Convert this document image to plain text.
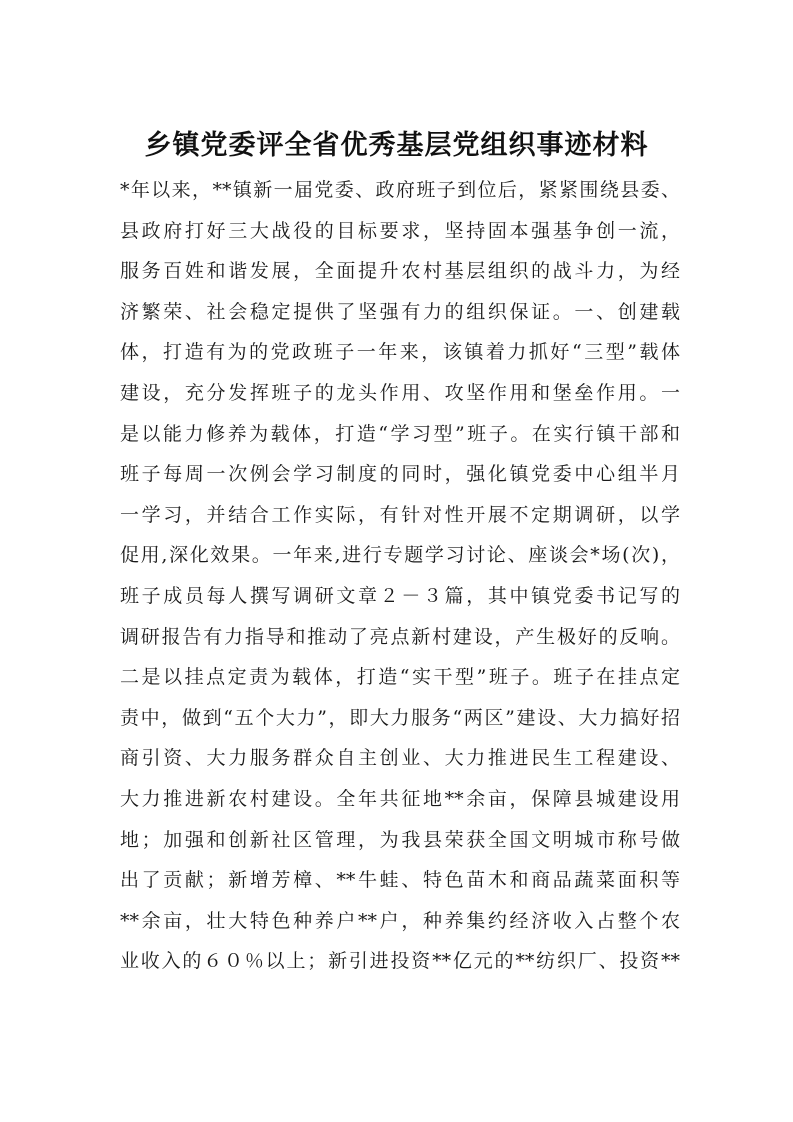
乡镇党委评全省优秀基层党组织事迹材料
*年以来，**镇新一届党委、政府班子到位后，紧紧围绕县委、
县政府打好三大战役的目标要求，坚持固本强基争创一流，
服务百姓和谐发展，全面提升农村基层组织的战斗力，为经
济繁荣、社会稳定提供了坚强有力的组织保证。一、创建载
体，打造有为的党政班子一年来，该镇着力抓好“三型”载体
建设，充分发挥班子的龙头作用、攻坚作用和堡垒作用。一
是以能力修养为载体，打造“学习型”班子。在实行镇干部和
班子每周一次例会学习制度的同时，强化镇党委中心组半月
一学习，并结合工作实际，有针对性开展不定期调研，以学
促用,深化效果。一年来,进行专题学习讨论、座谈会*场(次)，
班子成员每人撰写调研文章２－３篇，其中镇党委书记写的
调研报告有力指导和推动了亮点新村建设，产生极好的反响。
二是以挂点定责为载体，打造“实干型”班子。班子在挂点定
责中，做到“五个大力”，即大力服务“两区”建设、大力搞好招
商引资、大力服务群众自主创业、大力推进民生工程建设、
大力推进新农村建设。全年共征地**余亩，保障县城建设用
地；加强和创新社区管理，为我县荣获全国文明城市称号做
出了贡献；新增芳樟、**牛蛙、特色苗木和商品蔬菜面积等
**余亩，壮大特色种养户**户，种养集约经济收入占整个农
业收入的６０％以上；新引进投资**亿元的**纺织厂、投资**
